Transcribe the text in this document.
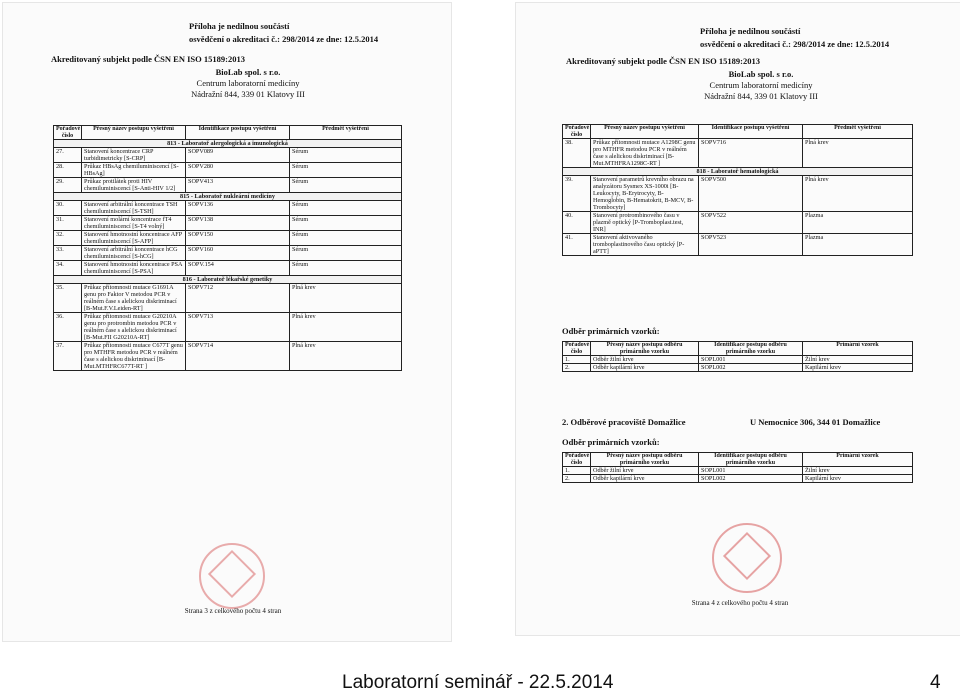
Příloha je nedílnou součástí
osvědčení o akreditaci č.: 298/2014 ze dne: 12.5.2014
Akreditovaný subjekt podle ČSN EN ISO 15189:2013
BioLab spol. s r.o.
Centrum laboratorní medicíny
Nádražní 844, 339 01 Klatovy III
Pořadové číslo	Přesný název postupu vyšetření	Identifikace postupu vyšetření	Předmět vyšetření
813 - Laboratoř alergologická a imunologická			
27.	Stanovení koncentrace CRP turbidimetricky [S-CRP]	SOPV089	Sérum
28.	Průkaz HBsAg chemiluminiscencí [S-HBsAg]	SOPV280	Sérum
29.	Průkaz protilátek proti HIV chemiluminiscencí [S-Anti-HIV 1/2]	SOPV413	Sérum
815 - Laboratoř nukleární medicíny			
30.	Stanovení arbitrální koncentrace TSH chemiluminiscencí [S-TSH]	SOPV136	Sérum
31.	Stanovení molární koncentrace fT4 chemiluminiscencí [S-T4 volný]	SOPV138	Sérum
32.	Stanovení hmotnostní koncentrace AFP chemiluminiscencí [S-AFP]	SOPV150	Sérum
33.	Stanovení arbitrální koncentrace hCG chemiluminiscencí [S-hCG]	SOPV160	Sérum
34.	Stanovení hmotnostní koncentrace PSA chemiluminiscencí [S-PSA]	SOPV.154	Sérum
816 - Laboratoř lékařské genetiky			
35.	Průkaz přítomnosti mutace G1691A genu pro Faktor V metodou PCR v reálném čase s alelickou diskriminací [B-Mut.F.V.Leiden-RT]	SOPV712	Plná krev
36.	Průkaz přítomnosti mutace G20210A genu pro protrombin metodou PCR v reálném čase s alelickou diskriminací [B-Mut.FII G20210A-RT]	SOPV713	Plná krev
37.	Průkaz přítomnosti mutace C677T genu pro MTHFR metodou PCR v reálném čase s alelickou diskriminací [B-Mut.MTHFRC677T-RT ]	SOPV714	Plná krev
Strana 3 z celkového počtu 4 stran
Příloha je nedílnou součástí
osvědčení o akreditaci č.: 298/2014 ze dne: 12.5.2014
Akreditovaný subjekt podle ČSN EN ISO 15189:2013
BioLab spol. s r.o.
Centrum laboratorní medicíny
Nádražní 844, 339 01 Klatovy III
Pořadové číslo	Přesný název postupu vyšetření	Identifikace postupu vyšetření	Předmět vyšetření
38.	Průkaz přítomnosti mutace A1298C genu pro MTHFR metodou PCR v reálném čase s alelickou diskriminací [B-Mut.MTHFRA1298C-RT ]	SOPV716	Plná krev
818 - Laboratoř hematologická			
39.	Stanovení parametrů krevního obrazu na analyzátoru Sysmex XS-1000i [B-Leukocyty, B-Erytrocyty, B-Hemoglobin, B-Hematokrit, B-MCV, B-Trombocyty]	SOPV500	Plná krev
40.	Stanovení protrombinového času v plazmě optický [P-Tromboplast.test, INR]	SOPV522	Plazma
41.	Stanovení aktivovaného tromboplastinového času optický [P-aPTT]	SOPV523	Plazma
Odběr primárních vzorků:
Pořadové číslo	Přesný název postupu odběru primárního vzorku	Identifikace postupu odběru primárního vzorku	Primární vzorek
1.	Odběr žilní krve	SOPL001	Žilní krev
2.	Odběr kapilární krve	SOPL002	Kapilární krev
2. Odběrové pracoviště Domažlice	U Nemocnice 306, 344 01 Domažlice
Odběr primárních vzorků:
Pořadové číslo	Přesný název postupu odběru primárního vzorku	Identifikace postupu odběru primárního vzorku	Primární vzorek
1.	Odběr žilní krve	SOPL001	Žilní krev
2.	Odběr kapilární krve	SOPL002	Kapilární krev
Strana 4 z celkového počtu 4 stran
Laboratorní seminář - 22.5.2014	4
